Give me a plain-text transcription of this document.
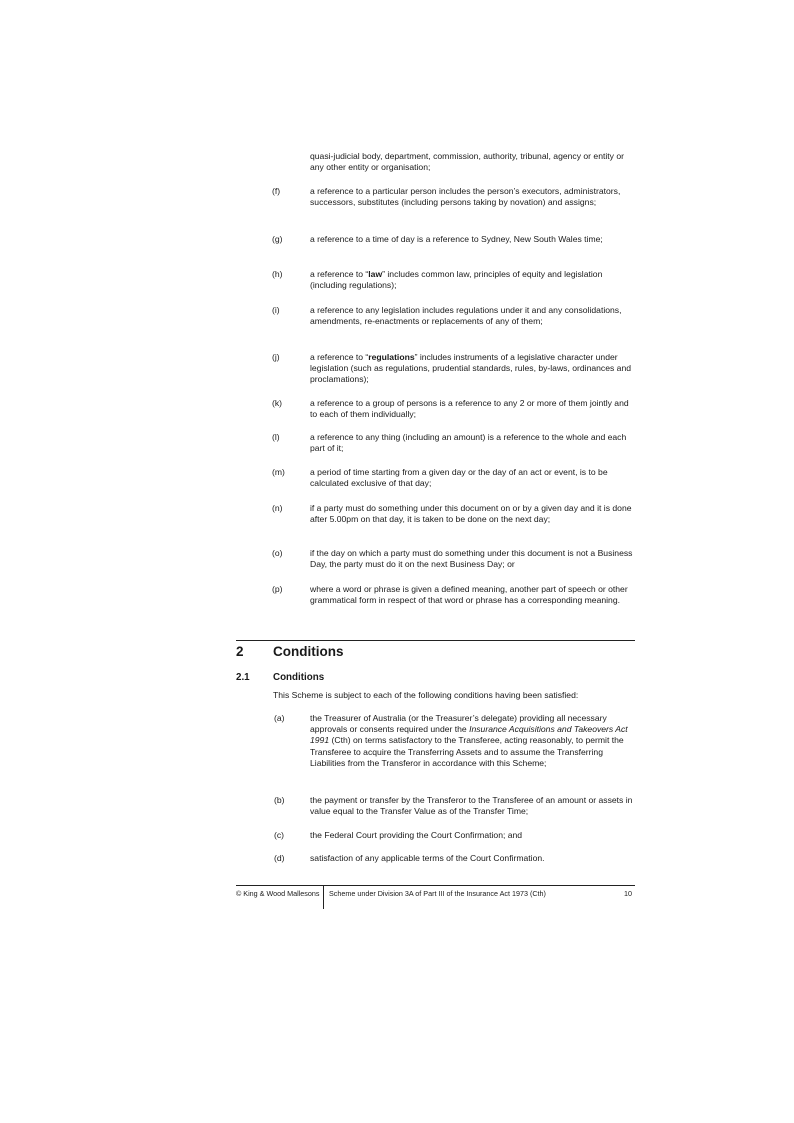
quasi-judicial body, department, commission, authority, tribunal, agency or entity or any other entity or organisation;
(f)	a reference to a particular person includes the person’s executors, administrators, successors, substitutes (including persons taking by novation) and assigns;
(g)	a reference to a time of day is a reference to Sydney, New South Wales time;
(h)	a reference to “law” includes common law, principles of equity and legislation (including regulations);
(i)	a reference to any legislation includes regulations under it and any consolidations, amendments, re-enactments or replacements of any of them;
(j)	a reference to “regulations” includes instruments of a legislative character under legislation (such as regulations, prudential standards, rules, by-laws, ordinances and proclamations);
(k)	a reference to a group of persons is a reference to any 2 or more of them jointly and to each of them individually;
(l)	a reference to any thing (including an amount) is a reference to the whole and each part of it;
(m)	a period of time starting from a given day or the day of an act or event, is to be calculated exclusive of that day;
(n)	if a party must do something under this document on or by a given day and it is done after 5.00pm on that day, it is taken to be done on the next day;
(o)	if the day on which a party must do something under this document is not a Business Day, the party must do it on the next Business Day; or
(p)	where a word or phrase is given a defined meaning, another part of speech or other grammatical form in respect of that word or phrase has a corresponding meaning.
2 Conditions
2.1 Conditions
This Scheme is subject to each of the following conditions having been satisfied:
(a)	the Treasurer of Australia (or the Treasurer’s delegate) providing all necessary approvals or consents required under the Insurance Acquisitions and Takeovers Act 1991 (Cth) on terms satisfactory to the Transferee, acting reasonably, to permit the Transferee to acquire the Transferring Assets and to assume the Transferring Liabilities from the Transferor in accordance with this Scheme;
(b)	the payment or transfer by the Transferor to the Transferee of an amount or assets in value equal to the Transfer Value as of the Transfer Time;
(c)	the Federal Court providing the Court Confirmation; and
(d)	satisfaction of any applicable terms of the Court Confirmation.
© King & Wood Mallesons Scheme under Division 3A of Part III of the Insurance Act 1973 (Cth)	10
